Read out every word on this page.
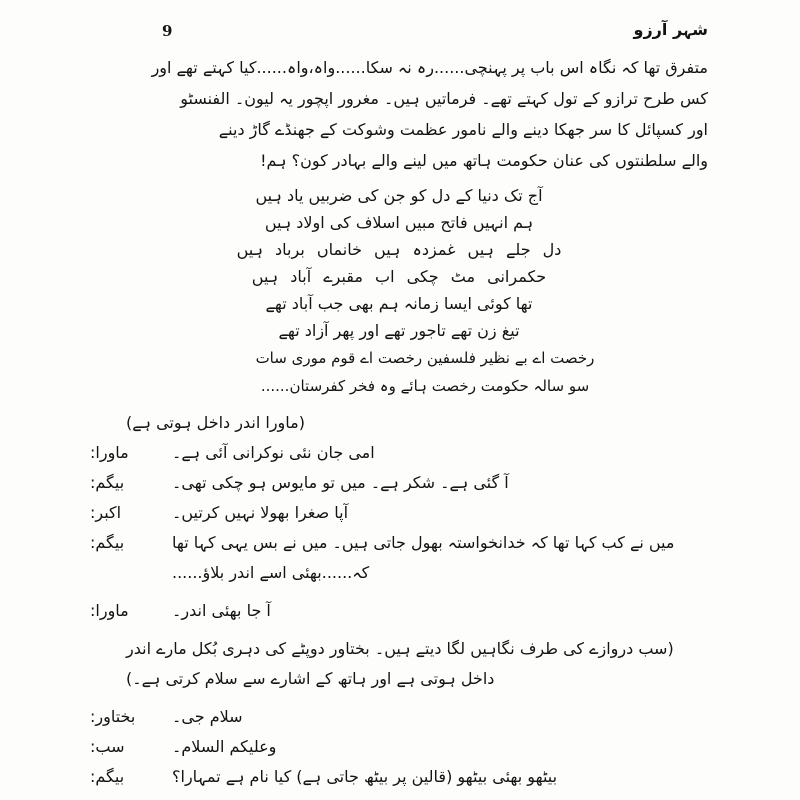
شہر آرزو
9
متفرق تھا کہ نگاہ اس باب پر پہنچی......رہ نہ سکا......واہ،واہ......کیا کہتے تھے اور
کس طرح ترازو کے تول کہتے تھے۔ فرماتیں ہیں۔ مغرور اپچور یہ لیون۔ الفنسٹو
اور کسپائل کا سر جھکا دینے والے نامور عظمت وشوکت کے جھنڈے گاڑ دینے
والے سلطنتوں کی عنان حکومت ہاتھ میں لینے والے بہادر کون؟ ہم!
آج تک دنیا کے دل کو جن کی ضربیں یاد ہیں
ہم انہیں فاتح مبیں اسلاف کی اولاد ہیں
دل جلے ہیں غمزدہ ہیں خانماں برباد ہیں
حکمرانی مٹ چکی اب مقبرے آباد ہیں
تھا کوئی ایسا زمانہ ہم بھی جب آباد تھے
تیغ زن تھے تاجور تھے اور پھر آزاد تھے
رخصت اے بے نظیر فلسفین رخصت اے قوم موری سات
سو سالہ حکومت رخصت ہائے وہ فخر کفرستان......
(ماورا اندر داخل ہوتی ہے)
ماورا:	امی جان نئی نوکرانی آئی ہے۔
بیگم:	آ گئی ہے۔ شکر ہے۔ میں تو مایوس ہو چکی تھی۔
اکبر:	آپا صغرا بھولا نہیں کرتیں۔
بیگم:	میں نے کب کہا تھا کہ خدانخواستہ بھول جاتی ہیں۔ میں نے بس یہی کہا تھا کہ......بھئی اسے اندر بلاؤ......
ماورا:	آ جا بھئی اندر۔
(سب دروازے کی طرف نگاہیں لگا دیتے ہیں۔ بختاور دوپٹے کی دہری بُکل مارے اندر داخل ہوتی ہے اور ہاتھ کے اشارے سے سلام کرتی ہے۔)
بختاور:	سلام جی۔
سب:	وعلیکم السلام۔
بیگم:	بیٹھو بھئی بیٹھو (قالین پر بیٹھ جاتی ہے) کیا نام ہے تمہارا؟
